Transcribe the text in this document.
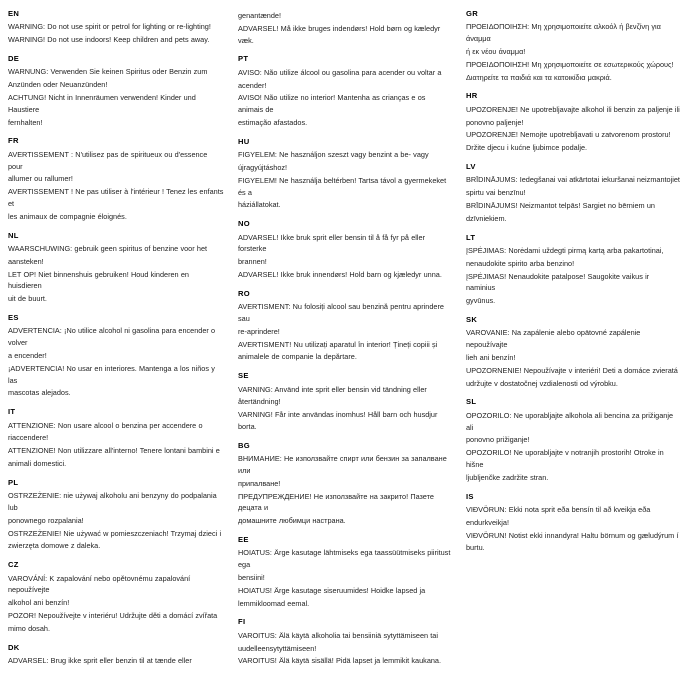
EN

WARNING: Do not use spirit or petrol for lighting or re-lighting!

WARNING! Do not use indoors! Keep children and pets away.

DE

WARNUNG: Verwenden Sie keinen Spiritus oder Benzin zum

Anzünden oder Neuanzünden!

ACHTUNG! Nicht in Innenräumen verwenden! Kinder und Haustiere

fernhalten!

FR

AVERTISSEMENT : N'utilisez pas de spiritueux ou d'essence pour

allumer ou rallumer!

AVERTISSEMENT ! Ne pas utiliser à l'intérieur ! Tenez les enfants et

les animaux de compagnie éloignés.

NL

WAARSCHUWING: gebruik geen spiritus of benzine voor het

aansteken!

LET OP! Niet binnenshuis gebruiken! Houd kinderen en huisdieren

uit de buurt.

ES

ADVERTENCIA: ¡No utilice alcohol ni gasolina para encender o volver

a encender!

¡ADVERTENCIA! No usar en interiores. Mantenga a los niños y las

mascotas alejados.

IT

ATTENZIONE: Non usare alcool o benzina per accendere o

riaccendere!

ATTENZIONE! Non utilizzare all'interno! Tenere lontani bambini e

animali domestici.

PL

OSTRZEŻENIE: nie używaj alkoholu ani benzyny do podpalania lub

ponownego rozpalania!

OSTRZEŻENIE! Nie używać w pomieszczeniach! Trzymaj dzieci i

zwierzęta domowe z daleka.

CZ

VAROVÁNÍ: K zapalování nebo opětovnému zapalování nepoužívejte

alkohol ani benzín!

POZOR! Nepoužívejte v interiéru! Udržujte děti a domácí zvířata

mimo dosah.

DK

ADVARSEL: Brug ikke sprit eller benzin til at tænde eller

genantænde!

ADVARSEL! Må ikke bruges indendørs! Hold børn og kæledyr væk.

PT

AVISO: Não utilize álcool ou gasolina para acender ou voltar a

acender!

AVISO! Não utilize no interior! Mantenha as crianças e os animais de

estimação afastados.

HU

FIGYELEM: Ne használjon szeszt vagy benzint a be- vagy

újragyújtáshoz!

FIGYELEM! Ne használja beltérben! Tartsa távol a gyermekeket és a

háziállatokat.

NO

ADVARSEL! Ikke bruk sprit eller bensin til å få fyr på eller forsterke

brannen!

ADVARSEL! Ikke bruk innendørs! Hold barn og kjæledyr unna.

RO

AVERTISMENT: Nu folosiți alcool sau benzină pentru aprindere sau

re-aprindere!

AVERTISMENT! Nu utilizați aparatul în interior! Țineți copiii și

animalele de companie la depărtare.

SE

VARNING: Använd inte sprit eller bensin vid tändning eller

återtändning!

VARNING! Får inte användas inomhus! Håll barn och husdjur borta.

BG

ВНИМАНИЕ: Не използвайте спирт или бензин за запалване или

припалване!

ПРЕДУПРЕЖДЕНИЕ! Не използвайте на закрито! Пазете децата и

домашните любимци настрана.

EE

HOIATUS: Ärge kasutage lähtmiseks ega taassüütmiseks piiritust ega

bensiini!

HOIATUS! Ärge kasutage siseruumides! Hoidke lapsed ja

lemmikloomad eemal.

FI

VAROITUS: Älä käytä alkoholia tai bensiiniä sytyttämiseen tai

uudelleensytyttämiseen!

VAROITUS! Älä käytä sisällä! Pidä lapset ja lemmikit kaukana.

GR

ΠΡΟΕΙΔΟΠΟΙΗΣΗ: Μη χρησιμοποιείτε αλκοόλ ή βενζίνη για άναμμα

ή εκ νέου άναμμα!

ΠΡΟΕΙΔΟΠΟΙΗΣΗ! Μη χρησιμοποιείτε σε εσωτερικούς χώρους!

Διατηρείτε τα παιδιά και τα κατοικίδια μακριά.

HR

UPOZORENJE! Ne upotrebljavajte alkohol ili benzin za paljenje ili

ponovno paljenje!

UPOZORENJE! Nemojte upotrebljavati u zatvorenom prostoru!

Držite djecu i kućne ljubimce podalje.

LV

BRĪDINĀJUMS: Iedegšanai vai atkārtotai iekuršanai neizmantojiet

spirtu vai benzīnu!

BRĪDINĀJUMS! Neizmantot telpās! Sargiet no bērniem un

dzīvniekiem.

LT

ĮSPĖJIMAS: Norėdami uždegti pirmą kartą arba pakartotinai,

nenaudokite spirito arba benzino!

ĮSPĖJIMAS! Nenaudokite patalpose! Saugokite vaikus ir naminius

gyvūnus.

SK

VAROVANIE: Na zapálenie alebo opätovné zapálenie nepoužívajte

lieh ani benzín!

UPOZORNENIE! Nepoužívajte v interiéri! Deti a domáce zvieratá

udržujte v dostatočnej vzdialenosti od výrobku.

SL

OPOZORILO: Ne uporabljajte alkohola ali bencina za prižiganje ali

ponovno prižiganje!

OPOZORILO! Ne uporabljajte v notranjih prostorih! Otroke in hišne

ljubljenčke zadržite stran.

IS

VIÐVÖRUN: Ekki nota sprit eða bensín til að kveikja eða

endurkveikja!

VIÐVÖRUN! Notist ekki innandyra! Haltu börnum og gæludýrum í

burtu.
